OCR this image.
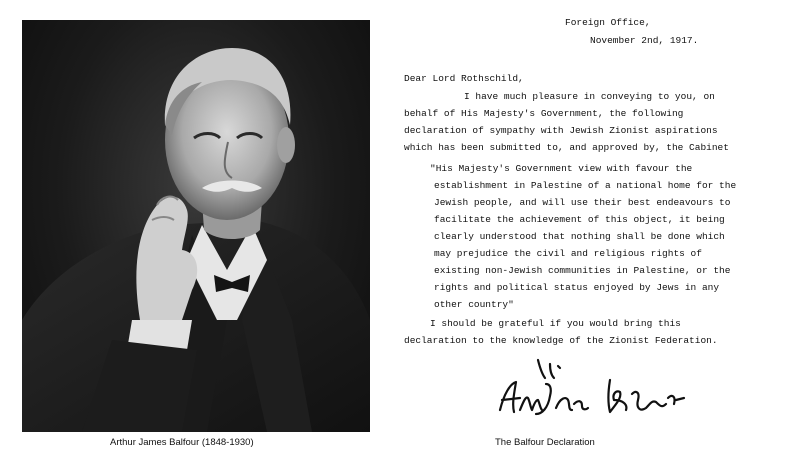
Arthur James Balfour (1848-1930)
Foreign Office,
November 2nd, 1917.
Dear Lord Rothschild,
I have much pleasure in conveying to you, on
behalf of His Majesty's Government, the following
declaration of sympathy with Jewish Zionist aspirations
which has been submitted to, and approved by, the Cabinet
"His Majesty's Government view with favour the
establishment in Palestine of a national home for the
Jewish people, and will use their best endeavours to
facilitate the achievement of this object, it being
clearly understood that nothing shall be done which
may prejudice the civil and religious rights of
existing non-Jewish communities in Palestine, or the
rights and political status enjoyed by Jews in any
other country"
I should be grateful if you would bring this
declaration to the knowledge of the Zionist Federation.
The Balfour Declaration
